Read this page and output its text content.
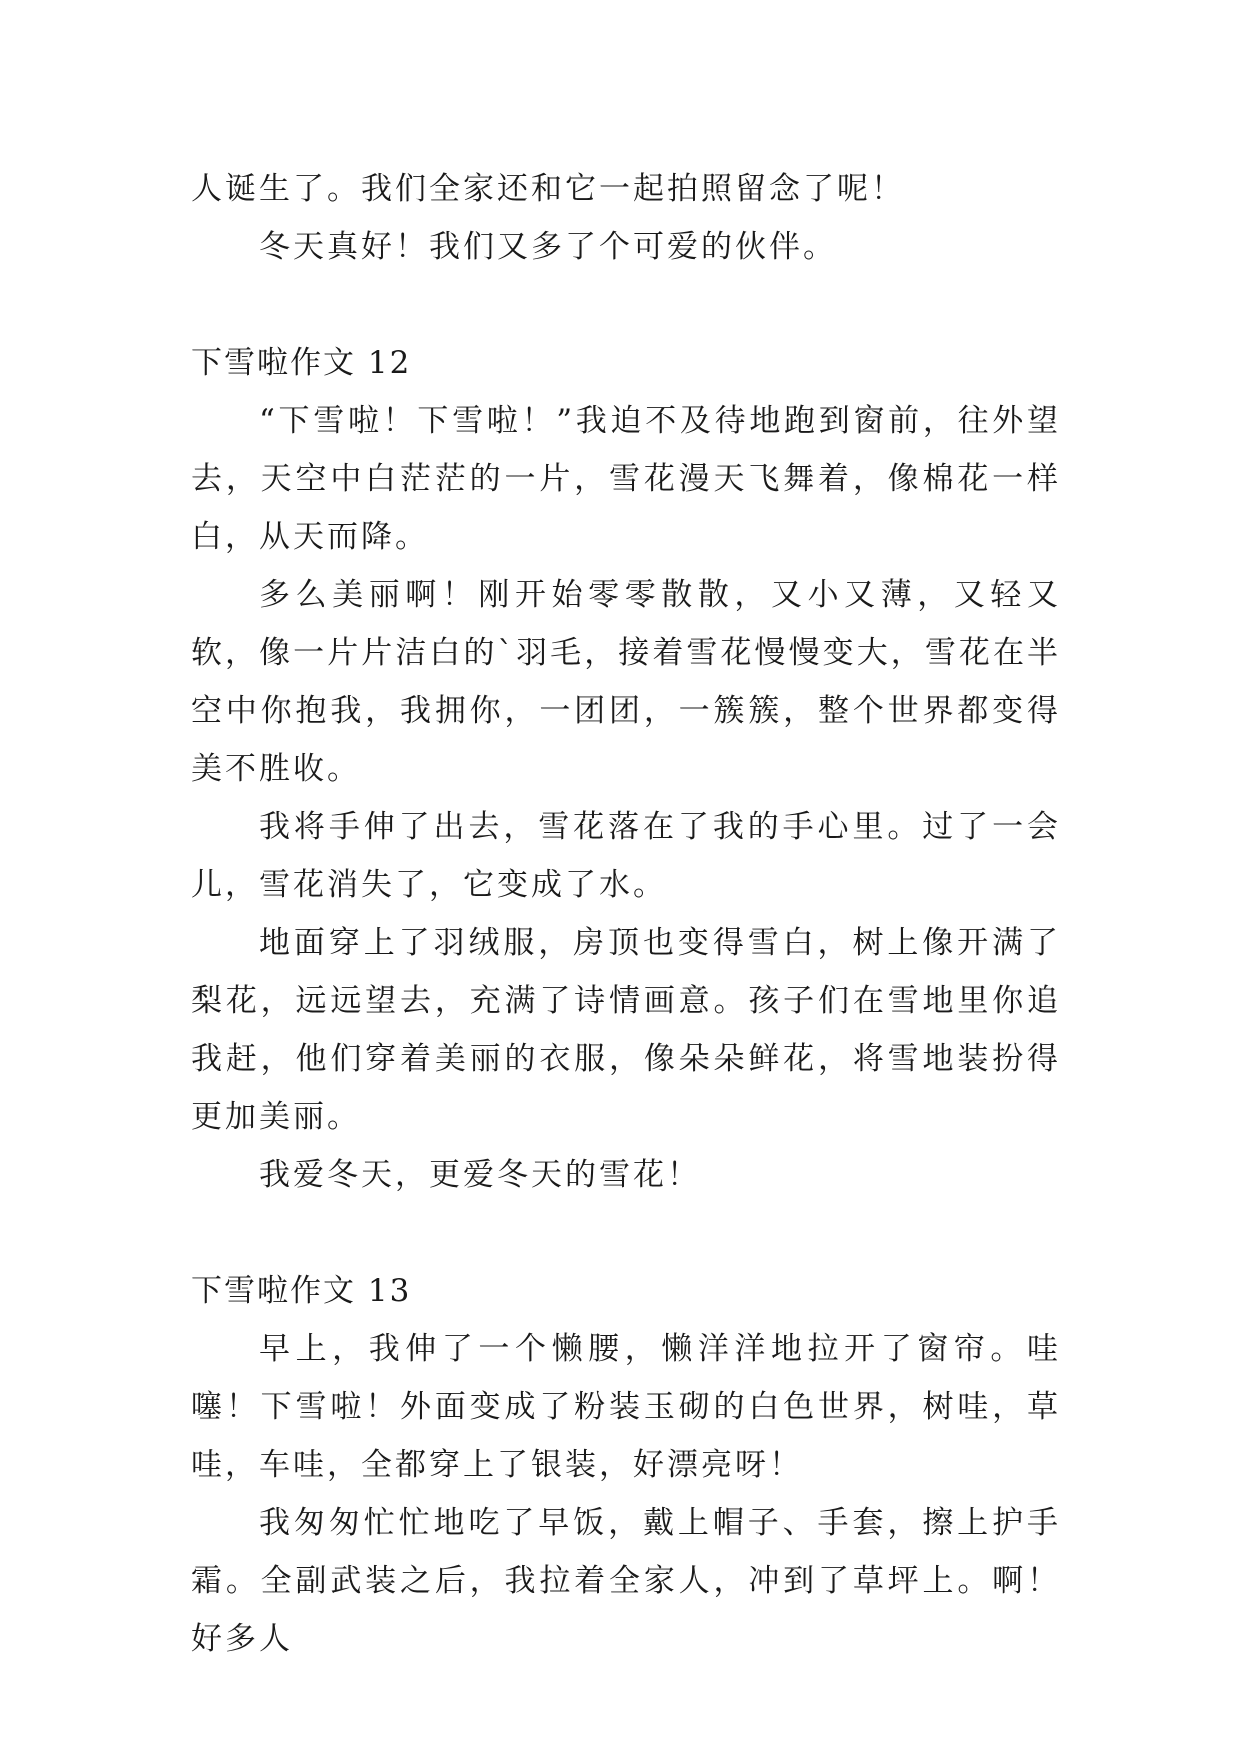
人诞生了。我们全家还和它一起拍照留念了呢！

冬天真好！我们又多了个可爱的伙伴。

下雪啦作文 12

“下雪啦！下雪啦！”我迫不及待地跑到窗前，往外望去，天空中白茫茫的一片，雪花漫天飞舞着，像棉花一样白，从天而降。

多么美丽啊！刚开始零零散散，又小又薄，又轻又软，像一片片洁白的`羽毛，接着雪花慢慢变大，雪花在半空中你抱我，我拥你，一团团，一簇簇，整个世界都变得美不胜收。

我将手伸了出去，雪花落在了我的手心里。过了一会儿，雪花消失了，它变成了水。

地面穿上了羽绒服，房顶也变得雪白，树上像开满了梨花，远远望去，充满了诗情画意。孩子们在雪地里你追我赶，他们穿着美丽的衣服，像朵朵鲜花，将雪地装扮得更加美丽。

我爱冬天，更爱冬天的雪花！

下雪啦作文 13

早上，我伸了一个懒腰，懒洋洋地拉开了窗帘。哇噻！下雪啦！外面变成了粉装玉砌的白色世界，树哇，草哇，车哇，全都穿上了银装，好漂亮呀！

我匆匆忙忙地吃了早饭，戴上帽子、手套，擦上护手霜。全副武装之后，我拉着全家人，冲到了草坪上。啊！好多人
